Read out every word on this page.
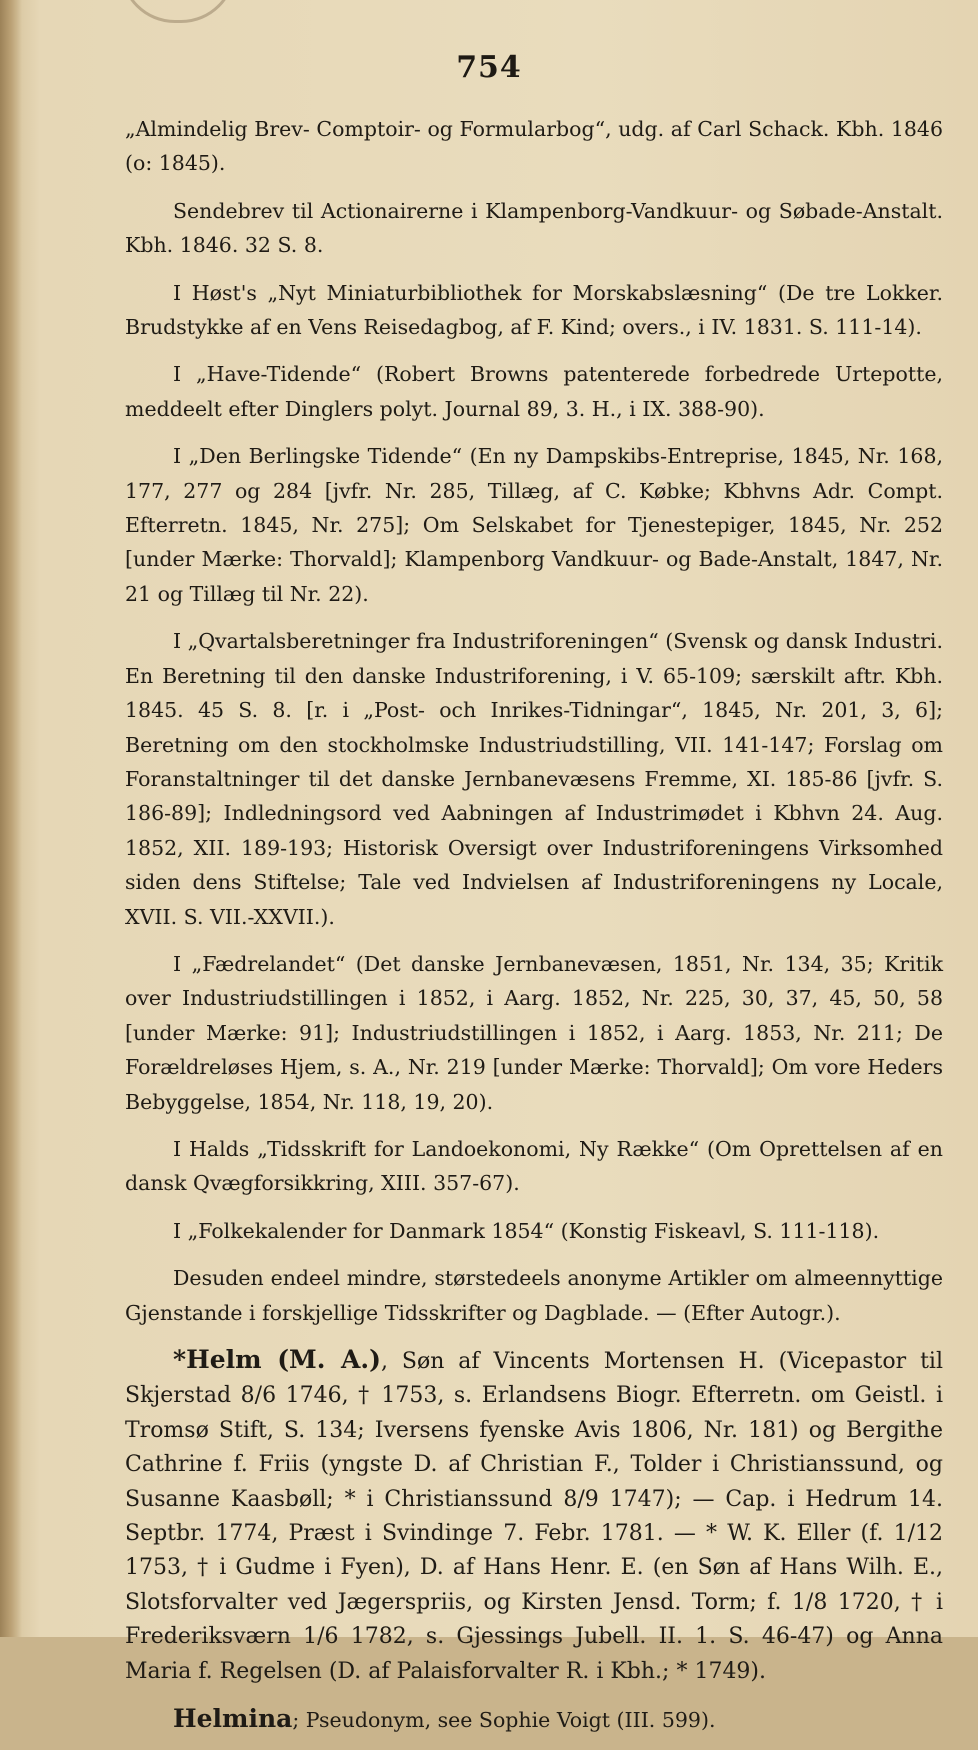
754

„Almindelig Brev- Comptoir- og Formularbog“, udg. af Carl Schack. Kbh. 1846 (o: 1845).

Sendebrev til Actionairerne i Klampenborg-Vandkuur- og Søbade-Anstalt. Kbh. 1846. 32 S. 8.

I Høst's „Nyt Miniaturbibliothek for Morskabslæsning“ (De tre Lokker. Brudstykke af en Vens Reisedagbog, af F. Kind; overs., i IV. 1831. S. 111-14).

I „Have-Tidende“ (Robert Browns patenterede forbedrede Urtepotte, meddeelt efter Dinglers polyt. Journal 89, 3. H., i IX. 388-90).

I „Den Berlingske Tidende“ (En ny Dampskibs-Entreprise, 1845, Nr. 168, 177, 277 og 284 [jvfr. Nr. 285, Tillæg, af C. Købke; Kbhvns Adr. Compt. Efterretn. 1845, Nr. 275]; Om Selskabet for Tjenestepiger, 1845, Nr. 252 [under Mærke: Thorvald]; Klampenborg Vandkuur- og Bade-Anstalt, 1847, Nr. 21 og Tillæg til Nr. 22).

I „Qvartalsberetninger fra Industriforeningen“ (Svensk og dansk Industri. En Beretning til den danske Industriforening, i V. 65-109; særskilt aftr. Kbh. 1845. 45 S. 8. [r. i „Post- och Inrikes-Tidningar“, 1845, Nr. 201, 3, 6]; Beretning om den stockholmske Industriudstilling, VII. 141-147; Forslag om Foranstaltninger til det danske Jernbanevæsens Fremme, XI. 185-86 [jvfr. S. 186-89]; Indledningsord ved Aabningen af Industrimødet i Kbhvn 24. Aug. 1852, XII. 189-193; Historisk Oversigt over Industriforeningens Virksomhed siden dens Stiftelse; Tale ved Indvielsen af Industriforeningens ny Locale, XVII. S. VII.-XXVII.).

I „Fædrelandet“ (Det danske Jernbanevæsen, 1851, Nr. 134, 35; Kritik over Industriudstillingen i 1852, i Aarg. 1852, Nr. 225, 30, 37, 45, 50, 58 [under Mærke: 91]; Industriudstillingen i 1852, i Aarg. 1853, Nr. 211; De Forældreløses Hjem, s. A., Nr. 219 [under Mærke: Thorvald]; Om vore Heders Bebyggelse, 1854, Nr. 118, 19, 20).

I Halds „Tidsskrift for Landoekonomi, Ny Række“ (Om Oprettelsen af en dansk Qvægforsikkring, XIII. 357-67).

I „Folkekalender for Danmark 1854“ (Konstig Fiskeavl, S. 111-118).

Desuden endeel mindre, størstedeels anonyme Artikler om almeennyttige Gjenstande i forskjellige Tidsskrifter og Dagblade. — (Efter Autogr.).

*Helm (M. A.), Søn af Vincents Mortensen H. (Vicepastor til Skjerstad 8/6 1746, † 1753, s. Erlandsens Biogr. Efterretn. om Geistl. i Tromsø Stift, S. 134; Iversens fyenske Avis 1806, Nr. 181) og Bergithe Cathrine f. Friis (yngste D. af Christian F., Tolder i Christianssund, og Susanne Kaasbøll; * i Christianssund 8/9 1747); — Cap. i Hedrum 14. Septbr. 1774, Præst i Svindinge 7. Febr. 1781. — * W. K. Eller (f. 1/12 1753, † i Gudme i Fyen), D. af Hans Henr. E. (en Søn af Hans Wilh. E., Slotsforvalter ved Jægerspriis, og Kirsten Jensd. Torm; f. 1/8 1720, † i Frederiksværn 1/6 1782, s. Gjessings Jubell. II. 1. S. 46-47) og Anna Maria f. Regelsen (D. af Palaisforvalter R. i Kbh.; * 1749).

Helmina; Pseudonym, see Sophie Voigt (III. 599).
